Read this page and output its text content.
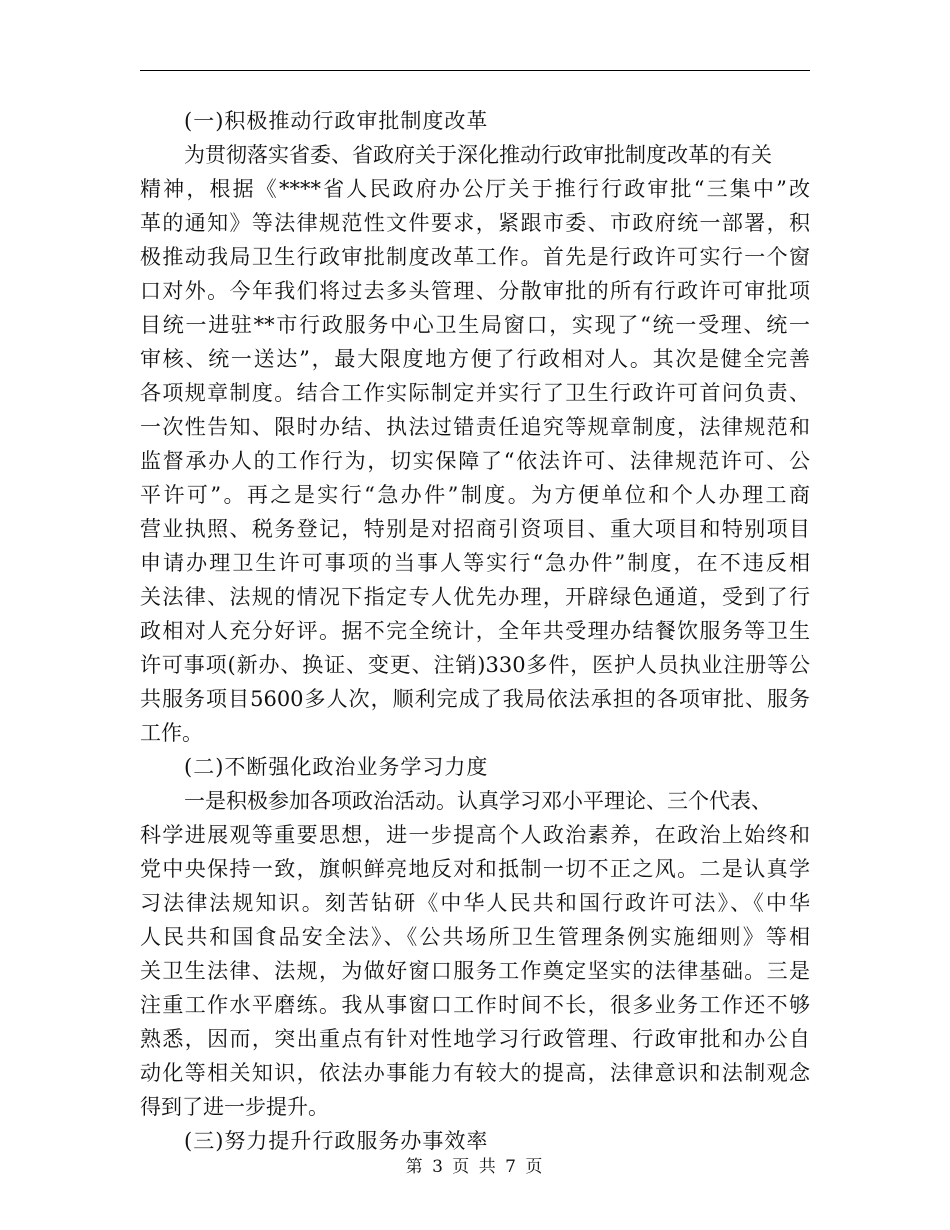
(一)积极推动行政审批制度改革
为贯彻落实省委、省政府关于深化推动行政审批制度改革的有关
精神，根据《****省人民政府办公厅关于推行行政审批“三集中”改
革的通知》等法律规范性文件要求，紧跟市委、市政府统一部署，积
极推动我局卫生行政审批制度改革工作。首先是行政许可实行一个窗
口对外。今年我们将过去多头管理、分散审批的所有行政许可审批项
目统一进驻**市行政服务中心卫生局窗口，实现了“统一受理、统一
审核、统一送达”，最大限度地方便了行政相对人。其次是健全完善
各项规章制度。结合工作实际制定并实行了卫生行政许可首问负责、
一次性告知、限时办结、执法过错责任追究等规章制度，法律规范和
监督承办人的工作行为，切实保障了“依法许可、法律规范许可、公
平许可”。再之是实行“急办件”制度。为方便单位和个人办理工商
营业执照、税务登记，特别是对招商引资项目、重大项目和特别项目
申请办理卫生许可事项的当事人等实行“急办件”制度，在不违反相
关法律、法规的情况下指定专人优先办理，开辟绿色通道，受到了行
政相对人充分好评。据不完全统计，全年共受理办结餐饮服务等卫生
许可事项(新办、换证、变更、注销)330多件，医护人员执业注册等公
共服务项目5600多人次，顺利完成了我局依法承担的各项审批、服务
工作。
(二)不断强化政治业务学习力度
一是积极参加各项政治活动。认真学习邓小平理论、三个代表、
科学进展观等重要思想，进一步提高个人政治素养，在政治上始终和
党中央保持一致，旗帜鲜亮地反对和抵制一切不正之风。二是认真学
习法律法规知识。刻苦钻研《中华人民共和国行政许可法》、《中华
人民共和国食品安全法》、《公共场所卫生管理条例实施细则》等相
关卫生法律、法规，为做好窗口服务工作奠定坚实的法律基础。三是
注重工作水平磨练。我从事窗口工作时间不长，很多业务工作还不够
熟悉，因而，突出重点有针对性地学习行政管理、行政审批和办公自
动化等相关知识，依法办事能力有较大的提高，法律意识和法制观念
得到了进一步提升。
(三)努力提升行政服务办事效率
第 3 页 共 7 页
